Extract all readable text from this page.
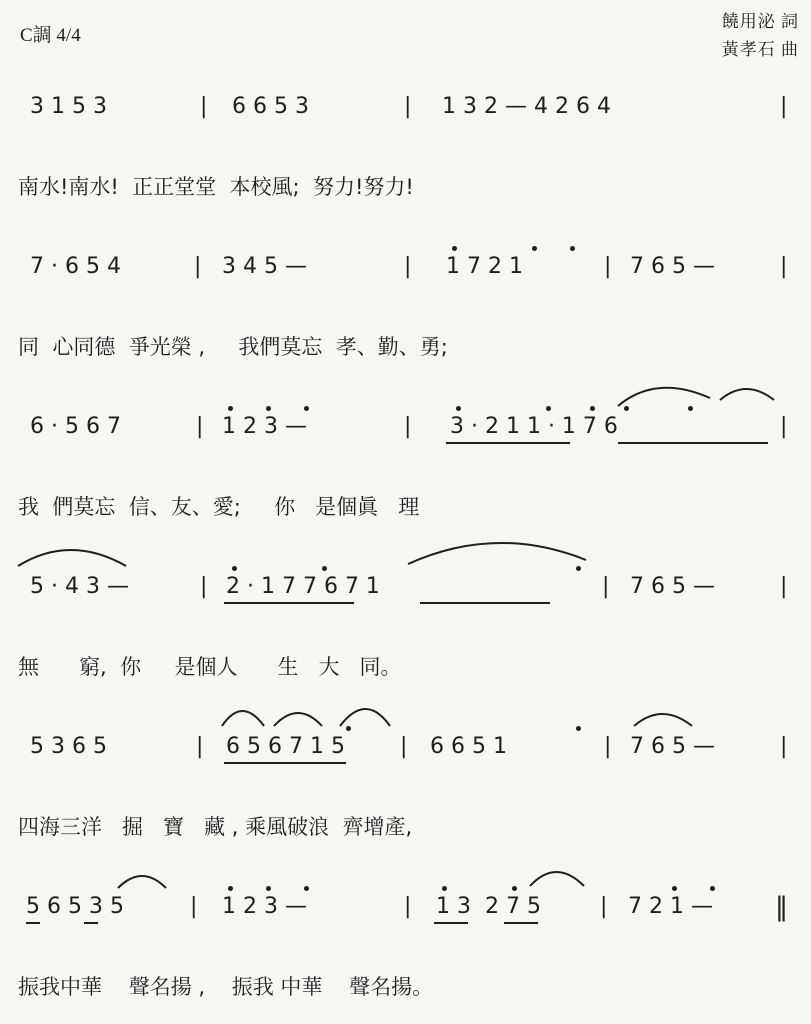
C調 4/4
饒用泌 詞
黃孝石 曲
3 1 5 3	| 6 6 5 3	| 1 3 2 — 4 2 6 4	|
南水!南水!  正正堂堂  本校風;  努力!努力!
7 · 6 5 4	| 3 4 5 —	| 1 7 2 1	| 7 6 5 —	|
同  心同德  爭光榮 ,     我們莫忘  孝、勤、勇;
6 · 5 6 7	| 1 2 3 —	| 3 · 2 1 1 · 1 7 6	|
我  們莫忘  信、友、愛;     你   是個眞   理
5 · 4 3 —	| 2 · 1 7 7 6 7 1	| 7 6 5 —	|
無      窮,  你     是個人      生   大   同。
5 3 6 5	| 6 5 6 7 1 5	| 6 6 5 1	| 7 6 5 —	|
四海三洋   掘   寶   藏 , 乘風破浪  齊增產,
5 6 5 3 5	| 1 2 3 —	| 1 3  2 7 5	| 7 2 1 — ‖
振我中華    聲名揚 ,    振我 中華    聲名揚。
